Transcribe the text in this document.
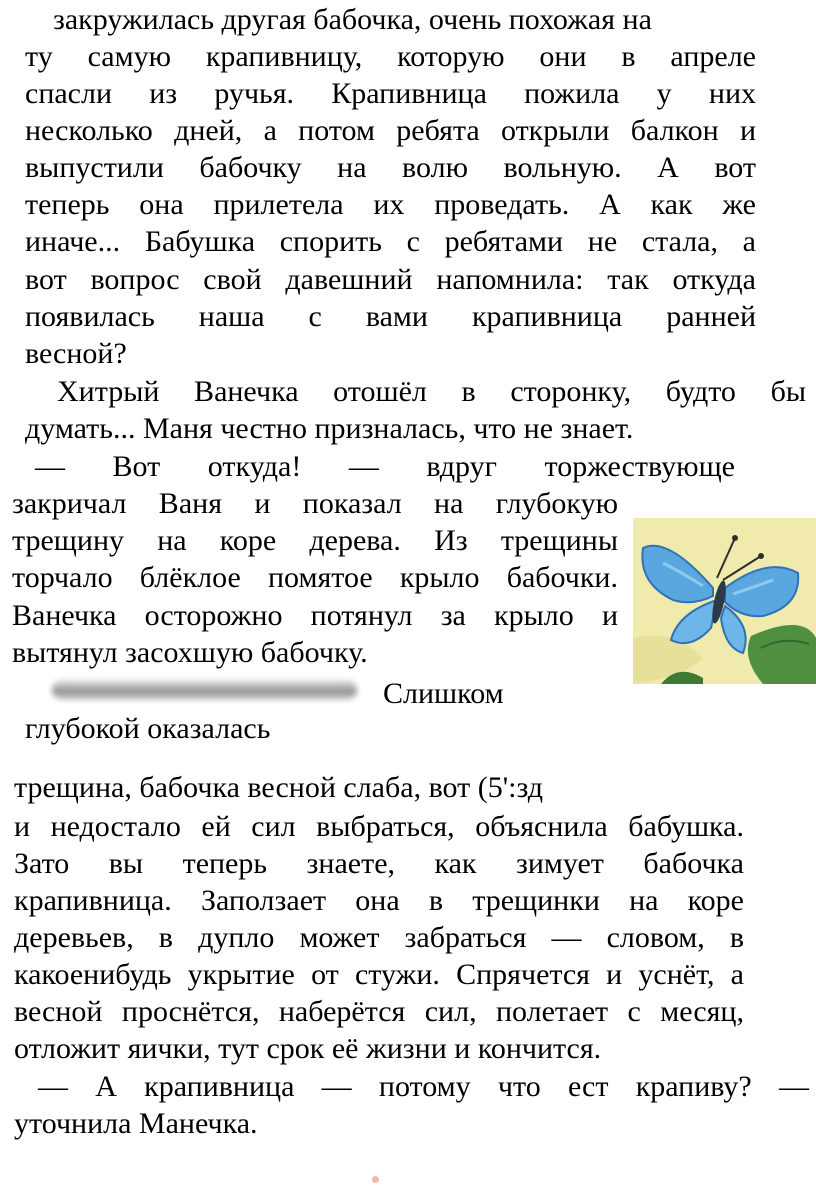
закружилась другая бабочка, очень похожая на

ту самую крапивницу, которую они в апреле

спасли из ручья. Крапивница пожила у них

несколько дней, а потом ребята открыли балкон и

выпустили бабочку на волю вольную. А вот

теперь она прилетела их проведать. А как же

иначе... Бабушка спорить с ребятами не стала, а

вот вопрос свой давешний напомнила: так откуда

появилась наша с вами крапивница ранней

весной?

Хитрый Ванечка отошёл в сторонку, будто бы

думать... Маня честно призналась, что не знает.

— Вот откуда! — вдруг торжествующе

закричал Ваня и показал на глубокую

трещину на коре дерева. Из трещины

торчало блёклое помятое крыло бабочки.

Ванечка осторожно потянул за крыло и

вытянул засохшую бабочку.

Слишком

глубокой оказалась

трещина, бабочка весной слаба, вот (5':зд

и недостало ей сил выбраться, объяснила бабушка.

Зато вы теперь знаете, как зимует бабочка

крапивница. Заползает она в трещинки на коре

деревьев, в дупло может забраться — словом, в

какоенибудь укрытие от стужи. Спрячется и уснёт, а

весной проснётся, наберётся сил, полетает с месяц,

отложит яички, тут срок её жизни и кончится.

— А крапивница — потому что ест крапиву? —

уточнила Манечка.
